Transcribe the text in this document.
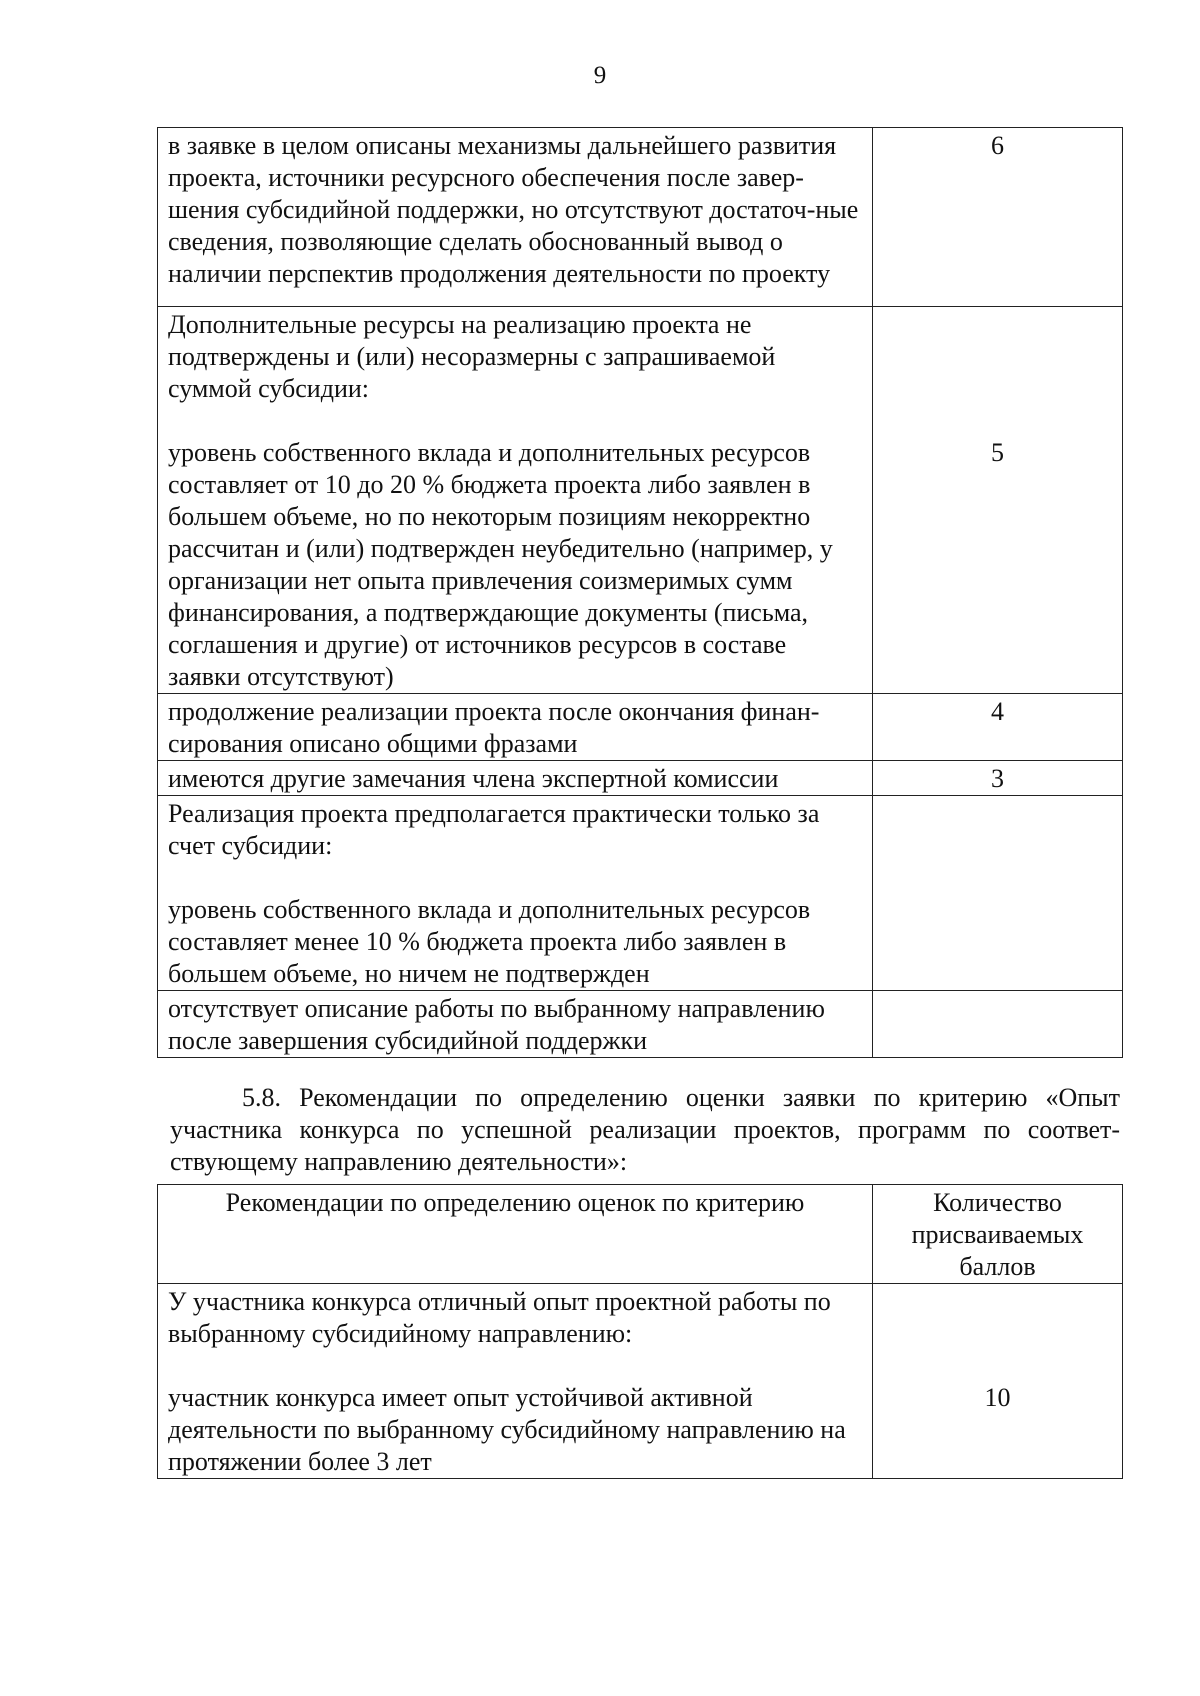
9
в заявке в целом описаны механизмы дальнейшего развития проекта, источники ресурсного обеспечения после завер-шения субсидийной поддержки, но отсутствуют достаточ-ные сведения, позволяющие сделать обоснованный вывод о наличии перспектив продолжения деятельности по проекту	6

Дополнительные ресурсы на реализацию проекта не подтверждены и (или) несоразмерны с запрашиваемой суммой субсидии:
уровень собственного вклада и дополнительных ресурсов составляет от 10 до 20 % бюджета проекта либо заявлен в большем объеме, но по некоторым позициям некорректно рассчитан и (или) подтвержден неубедительно (например, у организации нет опыта привлечения соизмеримых сумм финансирования, а подтверждающие документы (письма, соглашения и другие) от источников ресурсов в составе заявки отсутствуют)	5

продолжение реализации проекта после окончания финан-сирования описано общими фразами	4
имеются другие замечания члена экспертной комиссии	3

Реализация проекта предполагается практически только за счет субсидии:
уровень собственного вклада и дополнительных ресурсов составляет менее 10 % бюджета проекта либо заявлен в большем объеме, но ничем не подтвержден	

отсутствует описание работы по выбранному направлению после завершения субсидийной поддержки	
5.8. Рекомендации по определению оценки заявки по критерию «Опыт участника конкурса по успешной реализации проектов, программ по соответ-ствующему направлению деятельности»:
Рекомендации по определению оценок по критерию	Количество присваиваемых баллов

У участника конкурса отличный опыт проектной работы по выбранному субсидийному направлению:
участник конкурса имеет опыт устойчивой активной деятельности по выбранному субсидийному направлению на протяжении более 3 лет	10
